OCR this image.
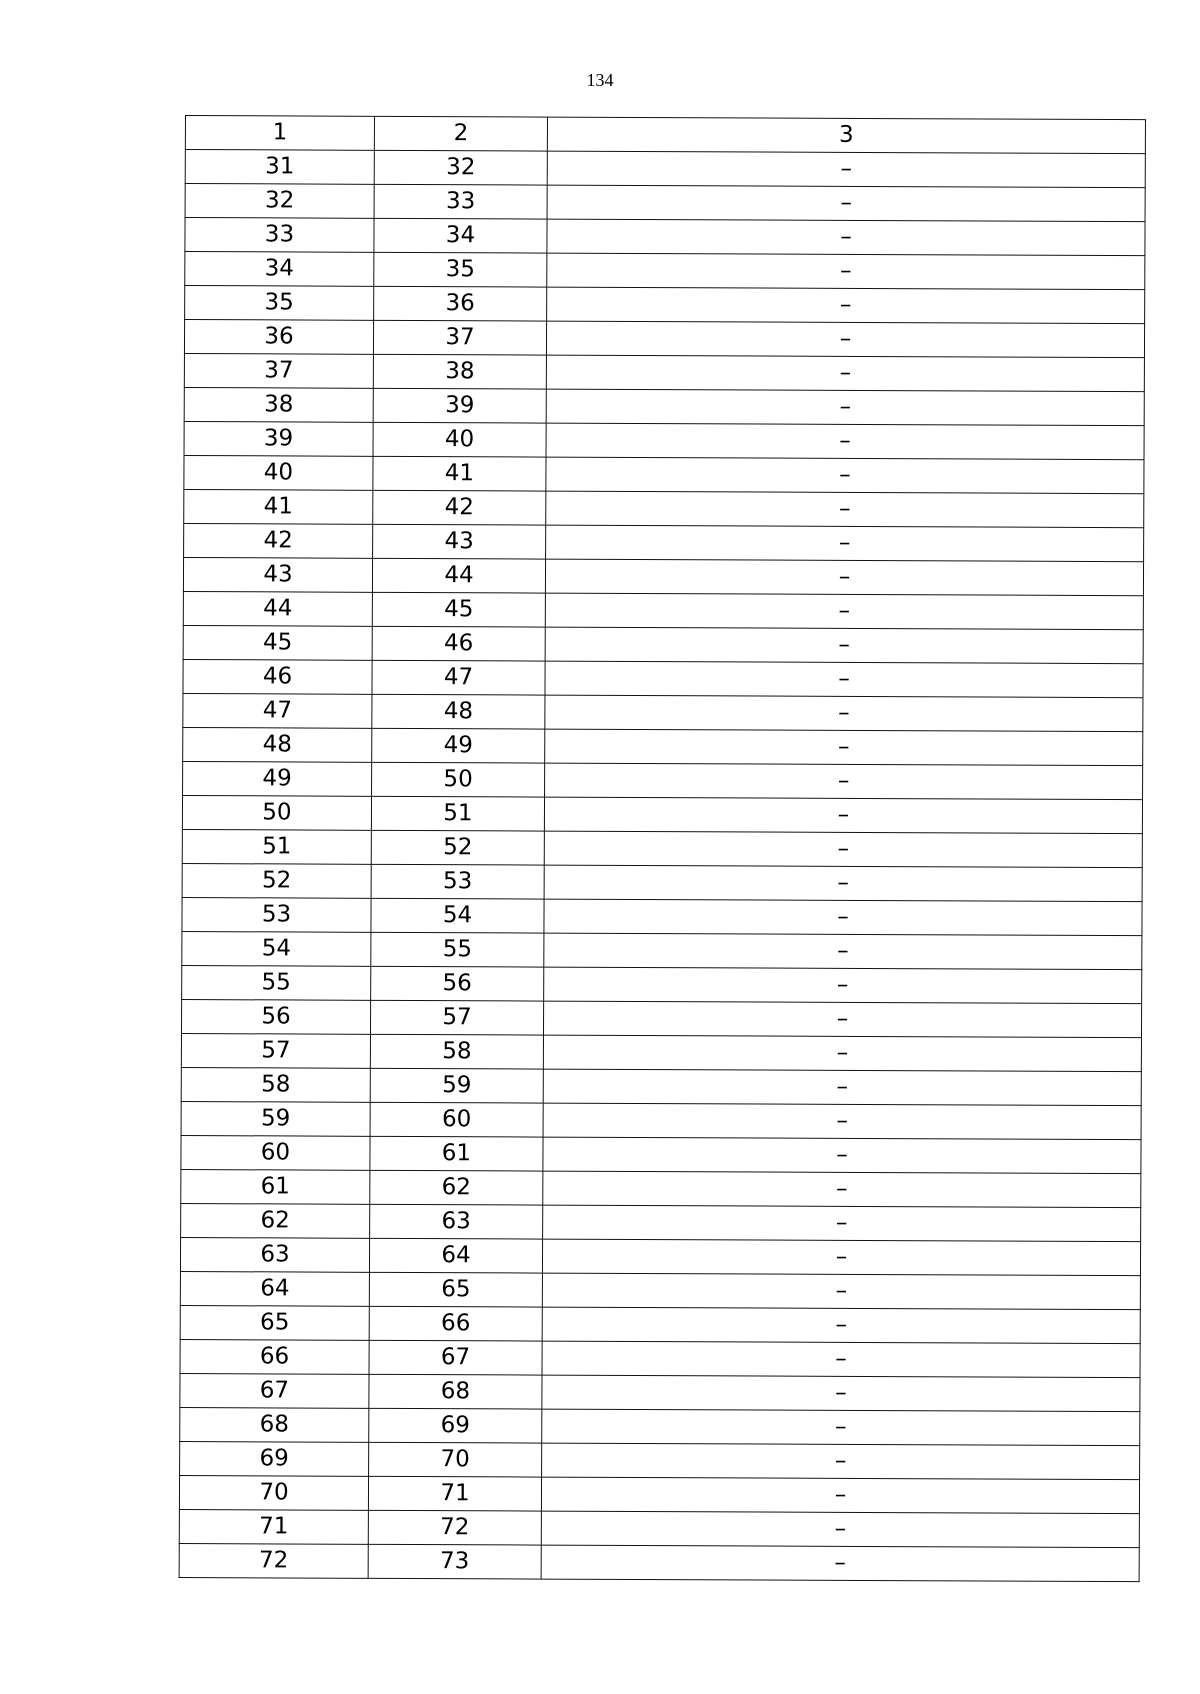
134
1	2	3
31	32	–
32	33	–
33	34	–
34	35	–
35	36	–
36	37	–
37	38	–
38	39	–
39	40	–
40	41	–
41	42	–
42	43	–
43	44	–
44	45	–
45	46	–
46	47	–
47	48	–
48	49	–
49	50	–
50	51	–
51	52	–
52	53	–
53	54	–
54	55	–
55	56	–
56	57	–
57	58	–
58	59	–
59	60	–
60	61	–
61	62	–
62	63	–
63	64	–
64	65	–
65	66	–
66	67	–
67	68	–
68	69	–
69	70	–
70	71	–
71	72	–
72	73	–
